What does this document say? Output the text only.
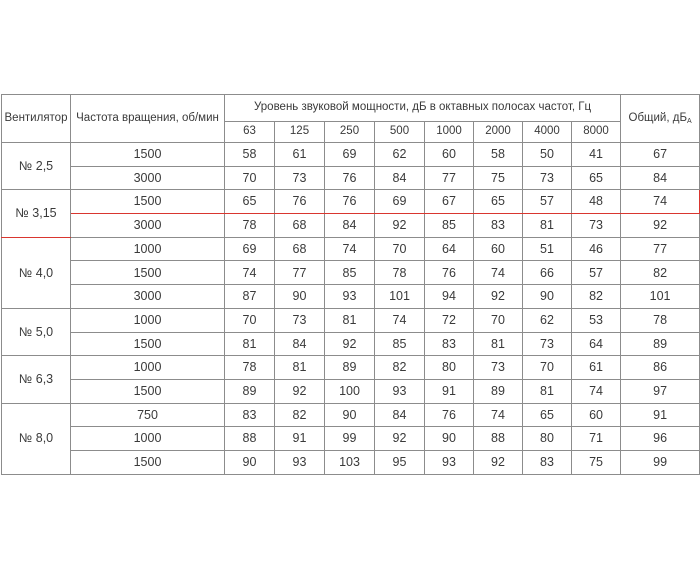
Вентилятор	Частота вращения, об/мин	Уровень звуковой мощности, дБ в октавных полосах частот, Гц								Общий, $дБ_А$
		63	125	250	500	1000	2000	4000	8000	
№ 2,5	1500	58	61	69	62	60	58	50	41	67
	3000	70	73	76	84	77	75	73	65	84
№ 3,15	1500	65	76	76	69	67	65	57	48	74
	3000	78	68	84	92	85	83	81	73	92
№ 4,0	1000	69	68	74	70	64	60	51	46	77
	1500	74	77	85	78	76	74	66	57	82
	3000	87	90	93	101	94	92	90	82	101
№ 5,0	1000	70	73	81	74	72	70	62	53	78
	1500	81	84	92	85	83	81	73	64	89
№ 6,3	1000	78	81	89	82	80	73	70	61	86
	1500	89	92	100	93	91	89	81	74	97
№ 8,0	750	83	82	90	84	76	74	65	60	91
	1000	88	91	99	92	90	88	80	71	96
	1500	90	93	103	95	93	92	83	75	99
